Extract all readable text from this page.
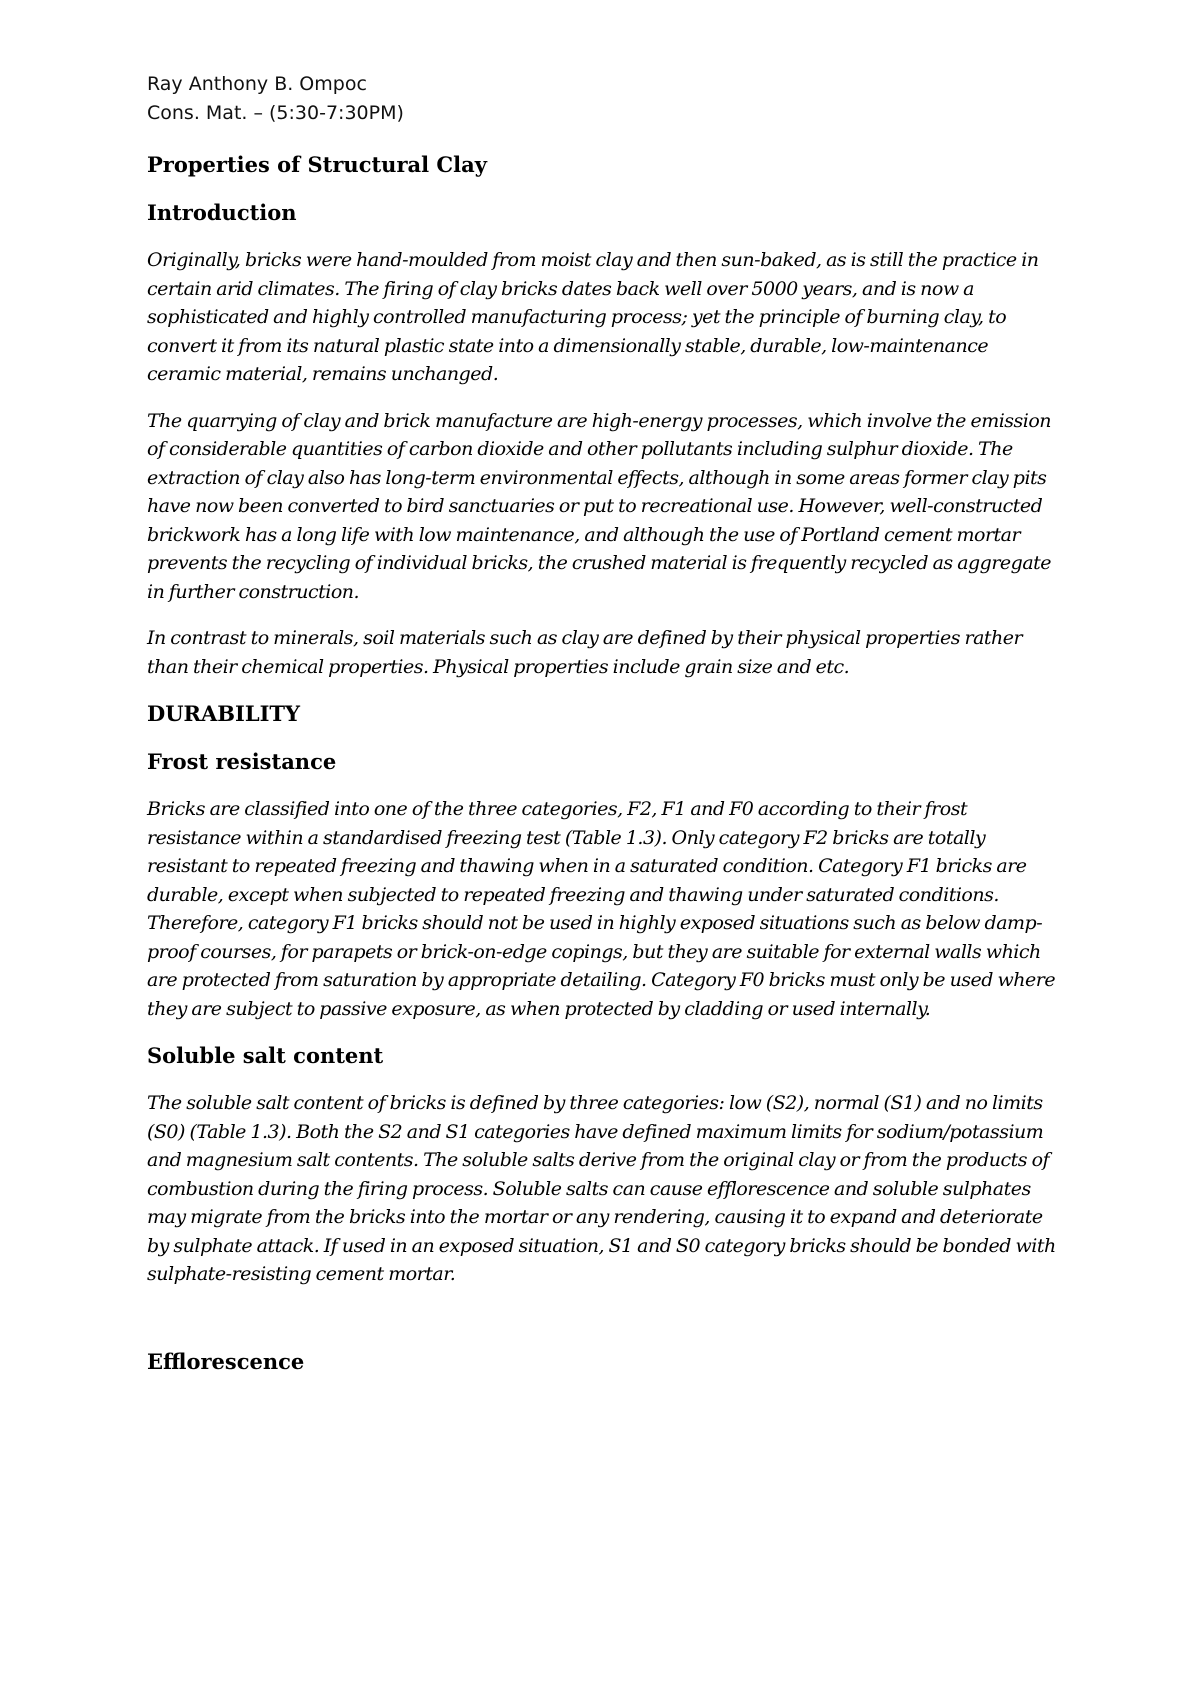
Ray Anthony B. Ompoc
Cons. Mat. – (5:30-7:30PM)
Properties of Structural Clay
Introduction

Originally, bricks were hand-moulded from moist clay and then sun-baked, as is still the practice in certain arid climates. The firing of clay bricks dates back well over 5000 years, and is now a sophisticated and highly controlled manufacturing process; yet the principle of burning clay, to convert it from its natural plastic state into a dimensionally stable, durable, low-maintenance ceramic material, remains unchanged.

The quarrying of clay and brick manufacture are high-energy processes, which involve the emission of considerable quantities of carbon dioxide and other pollutants including sulphur dioxide. The extraction of clay also has long-term environmental effects, although in some areas former clay pits have now been converted to bird sanctuaries or put to recreational use. However, well-constructed brickwork has a long life with low maintenance, and although the use of Portland cement mortar prevents the recycling of individual bricks, the crushed material is frequently recycled as aggregate in further construction.

In contrast to minerals, soil materials such as clay are defined by their physical properties rather than their chemical properties. Physical properties include grain size and etc.

DURABILITY
Frost resistance

Bricks are classified into one of the three categories, F2, F1 and F0 according to their frost resistance within a standardised freezing test (Table 1.3). Only category F2 bricks are totally resistant to repeated freezing and thawing when in a saturated condition. Category F1 bricks are durable, except when subjected to repeated freezing and thawing under saturated conditions. Therefore, category F1 bricks should not be used in highly exposed situations such as below damp-proof courses, for parapets or brick-on-edge copings, but they are suitable for external walls which are protected from saturation by appropriate detailing. Category F0 bricks must only be used where they are subject to passive exposure, as when protected by cladding or used internally.

Soluble salt content

The soluble salt content of bricks is defined by three categories: low (S2), normal (S1) and no limits (S0) (Table 1.3). Both the S2 and S1 categories have defined maximum limits for sodium/potassium and magnesium salt contents. The soluble salts derive from the original clay or from the products of combustion during the firing process. Soluble salts can cause efflorescence and soluble sulphates may migrate from the bricks into the mortar or any rendering, causing it to expand and deteriorate by sulphate attack. If used in an exposed situation, S1 and S0 category bricks should be bonded with sulphate-resisting cement mortar.

Efflorescence
